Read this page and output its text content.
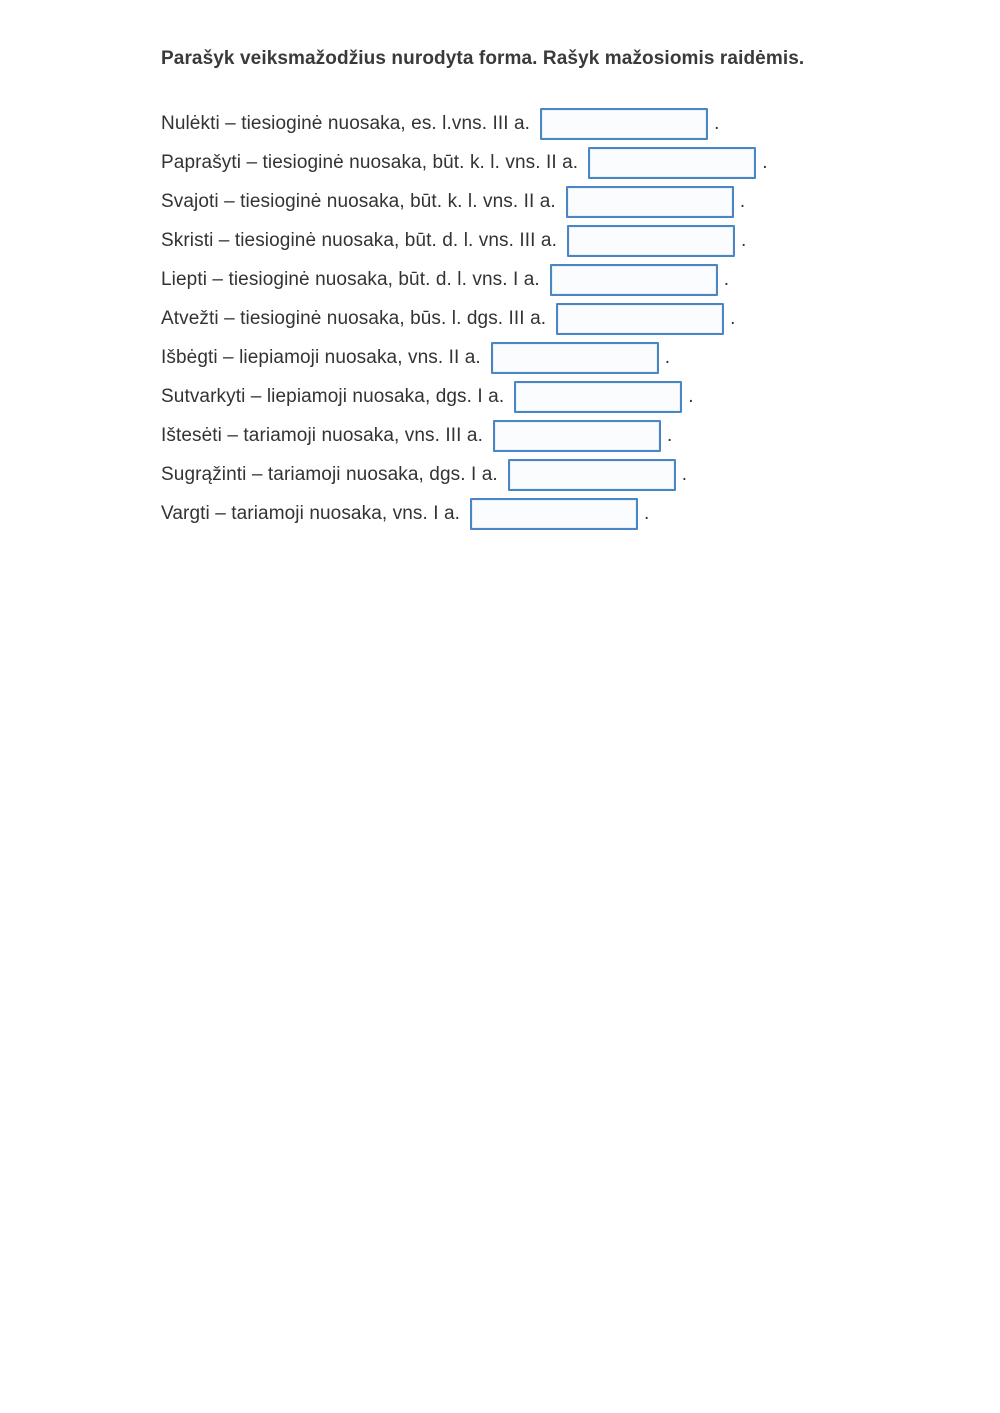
Parašyk veiksmažodžius nurodyta forma. Rašyk mažosiomis raidėmis.

Nulėkti – tiesioginė nuosaka, es. l.vns. III a.	.
Paprašyti – tiesioginė nuosaka, būt. k. l. vns. II a.	.
Svajoti – tiesioginė nuosaka, būt. k. l. vns. II a.	.
Skristi – tiesioginė nuosaka, būt. d. l. vns. III a.	.
Liepti – tiesioginė nuosaka, būt. d. l. vns. I a.	.
Atvežti – tiesioginė nuosaka, būs. l. dgs. III a.	.
Išbėgti – liepiamoji nuosaka, vns. II a.	.
Sutvarkyti – liepiamoji nuosaka, dgs. I a.	.
Ištesėti – tariamoji nuosaka, vns. III a.	.
Sugrąžinti – tariamoji nuosaka, dgs. I a.	.
Vargti – tariamoji nuosaka, vns. I a.	.
